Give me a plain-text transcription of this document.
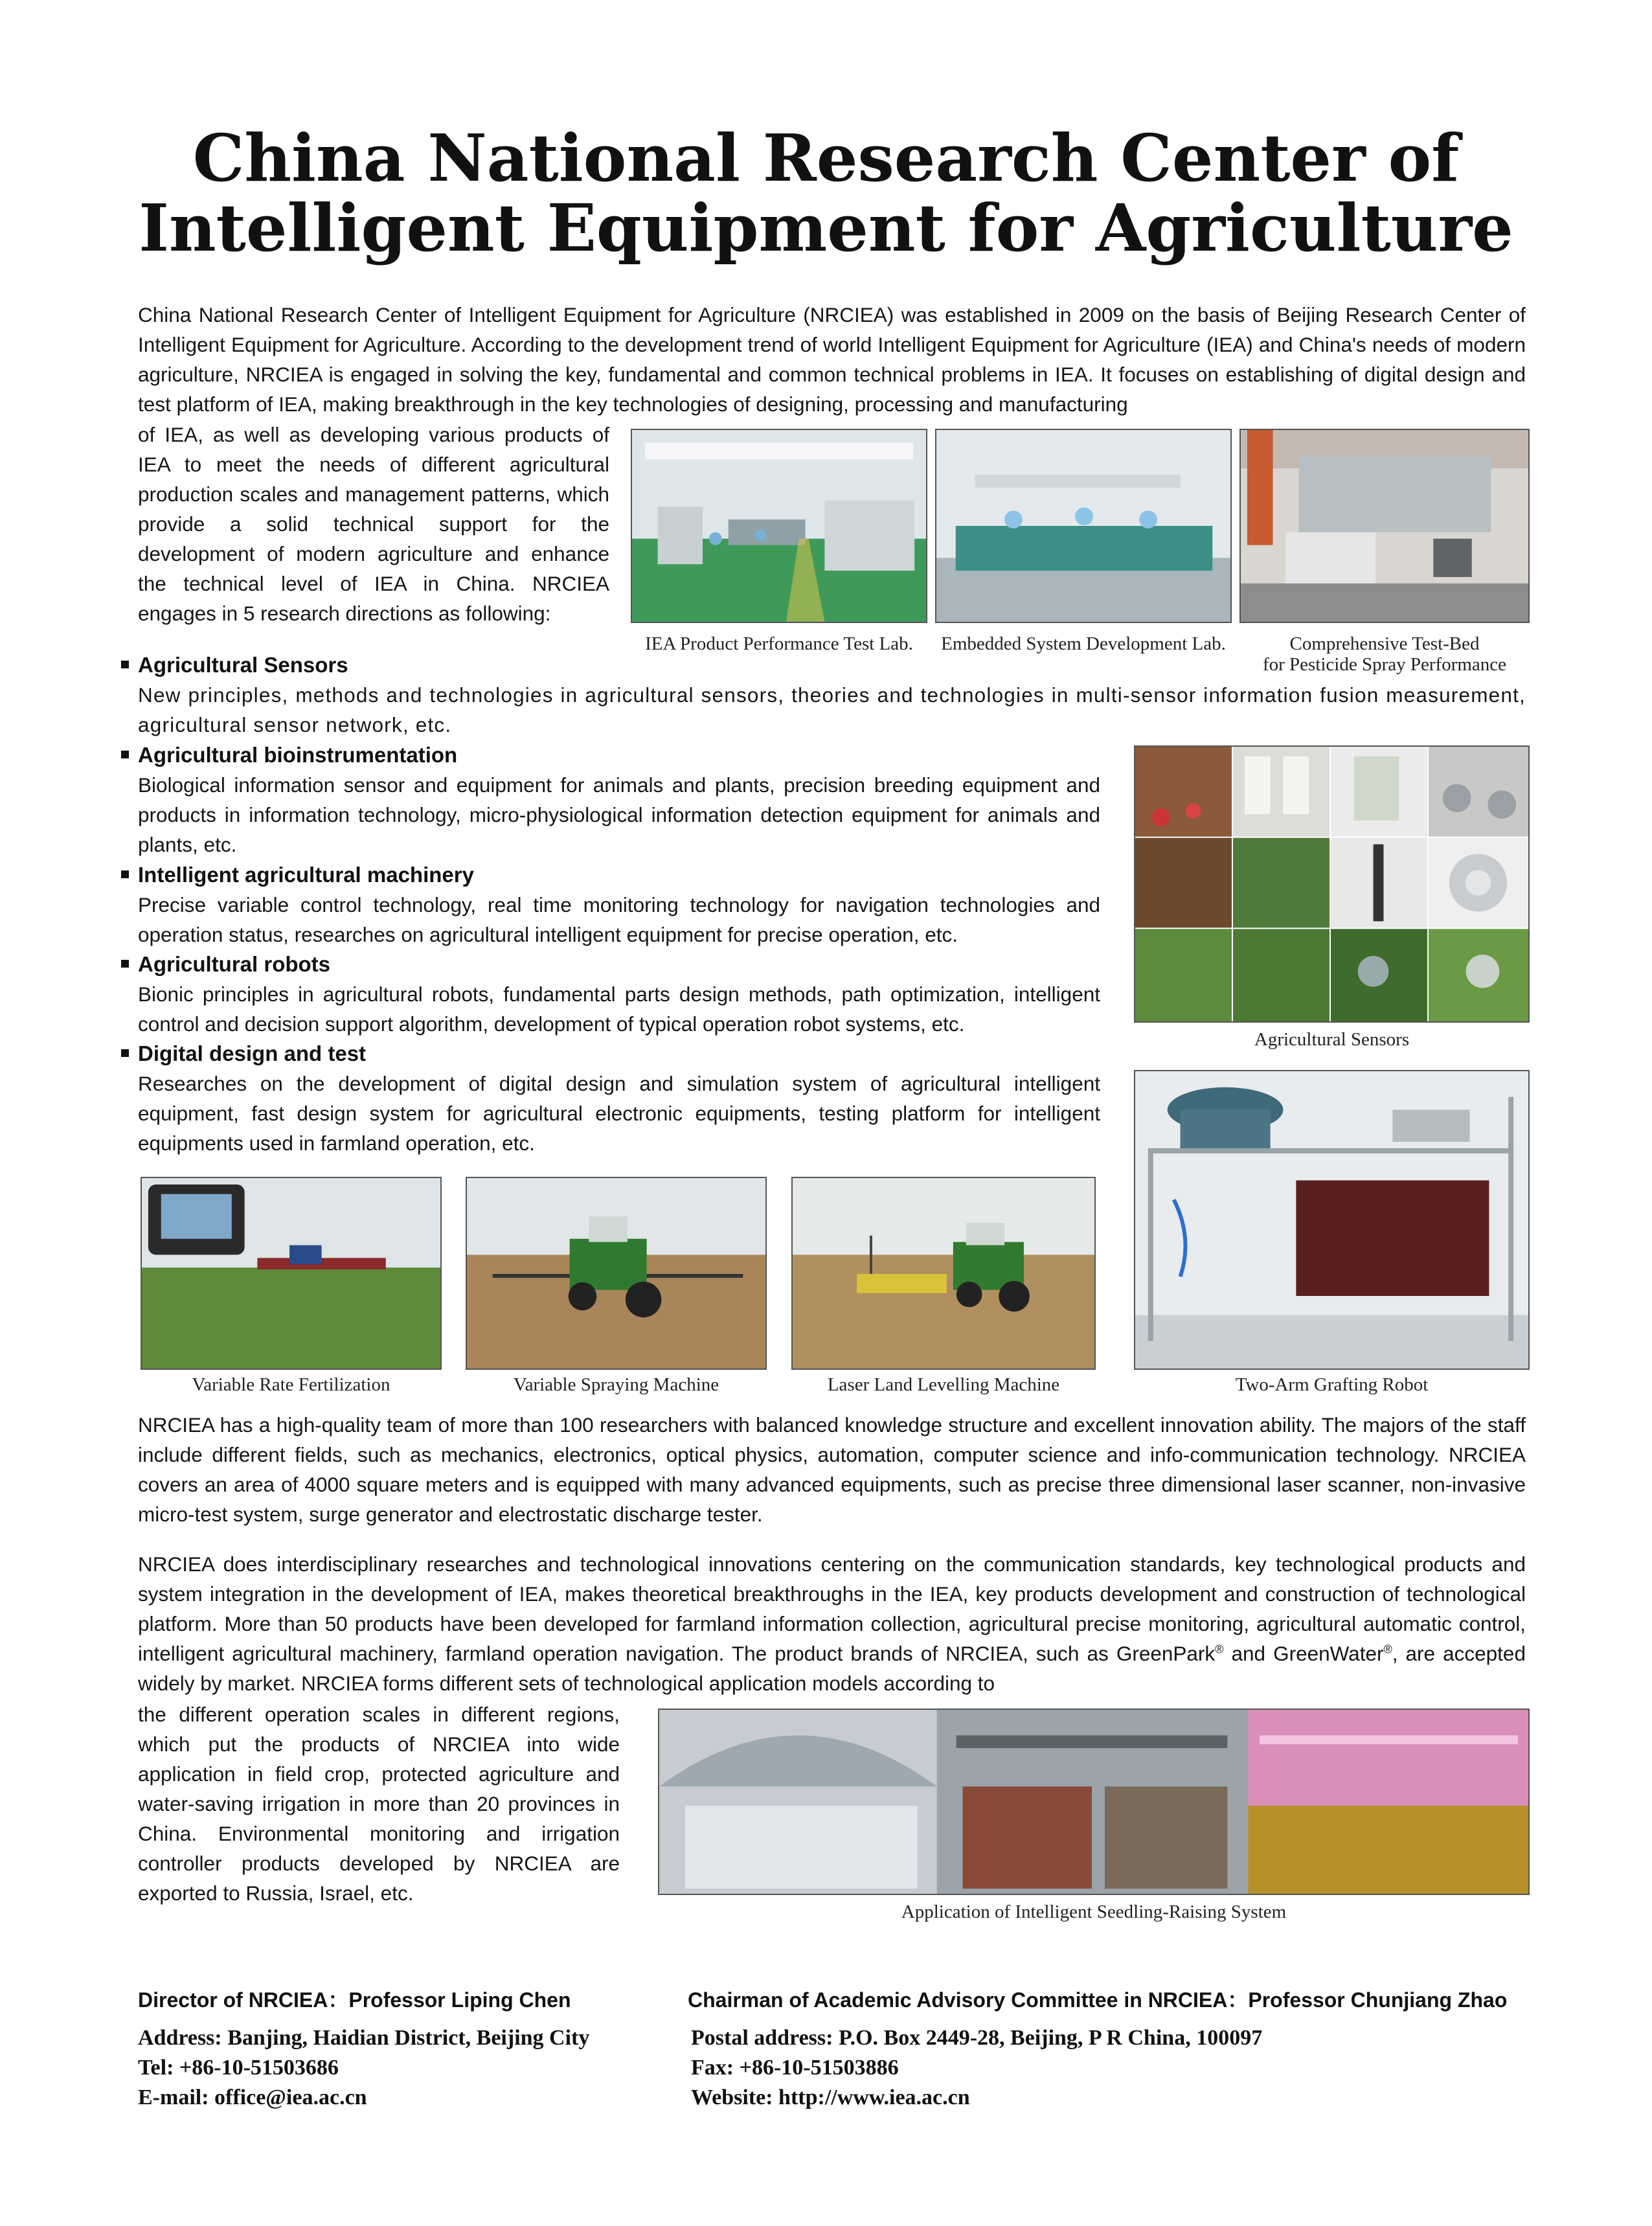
China National Research Center of
Intelligent Equipment for Agriculture
China National Research Center of Intelligent Equipment for Agriculture (NRCIEA) was established in 2009 on the basis of Beijing Research Center of Intelligent Equipment for Agriculture. According to the development trend of world Intelligent Equipment for Agriculture (IEA) and China's needs of modern agriculture, NRCIEA is engaged in solving the key, fundamental and common technical problems in IEA. It focuses on establishing of digital design and test platform of IEA, making breakthrough in the key technologies of designing, processing and manufacturing
of IEA, as well as developing various products of IEA to meet the needs of different agricultural production scales and management patterns, which provide a solid technical support for the development of modern agriculture and enhance the technical level of IEA in China. NRCIEA engages in 5 research directions as following:
IEA Product Performance Test Lab.	Embedded System Development Lab.	Comprehensive Test-Bed
for Pesticide Spray Performance
Agricultural Sensors
New principles, methods and technologies in agricultural sensors, theories and technologies in multi-sensor information fusion measurement, agricultural sensor network, etc.
Agricultural bioinstrumentation
Biological information sensor and equipment for animals and plants, precision breeding equipment and products in information technology, micro-physiological information detection equipment for animals and plants, etc.
Intelligent agricultural machinery
Precise variable control technology, real time monitoring technology for navigation technologies and operation status, researches on agricultural intelligent equipment for precise operation, etc.
Agricultural robots
Bionic principles in agricultural robots, fundamental parts design methods, path optimization, intelligent control and decision support algorithm, development of typical operation robot systems, etc.
Digital design and test
Researches on the development of digital design and simulation system of agricultural intelligent equipment, fast design system for agricultural electronic equipments, testing platform for intelligent equipments used in farmland operation, etc.
Agricultural Sensors
Variable Rate Fertilization	Variable Spraying Machine	Laser Land Levelling Machine	Two-Arm Grafting Robot
NRCIEA has a high-quality team of more than 100 researchers with balanced knowledge structure and excellent innovation ability. The majors of the staff include different fields, such as mechanics, electronics, optical physics, automation, computer science and info-communication technology. NRCIEA covers an area of 4000 square meters and is equipped with many advanced equipments, such as precise three dimensional laser scanner, non-invasive micro-test system, surge generator and electrostatic discharge tester.
NRCIEA does interdisciplinary researches and technological innovations centering on the communication standards, key technological products and system integration in the development of IEA, makes theoretical breakthroughs in the IEA, key products development and construction of technological platform. More than 50 products have been developed for farmland information collection, agricultural precise monitoring, agricultural automatic control, intelligent agricultural machinery, farmland operation navigation. The product brands of NRCIEA, such as GreenPark® and GreenWater®, are accepted widely by market. NRCIEA forms different sets of technological application models according to
the different operation scales in different regions, which put the products of NRCIEA into wide application in field crop, protected agriculture and water-saving irrigation in more than 20 provinces in China. Environmental monitoring and irrigation controller products developed by NRCIEA are exported to Russia, Israel, etc.
Application of Intelligent Seedling-Raising System
Director of NRCIEA：Professor Liping Chen	Chairman of Academic Advisory Committee in NRCIEA：Professor Chunjiang Zhao
Address: Banjing, Haidian District, Beijing City
Tel: +86-10-51503686
E-mail: office@iea.ac.cn
Postal address: P.O. Box 2449-28, Beijing, P R China, 100097
Fax: +86-10-51503886
Website: http://www.iea.ac.cn
